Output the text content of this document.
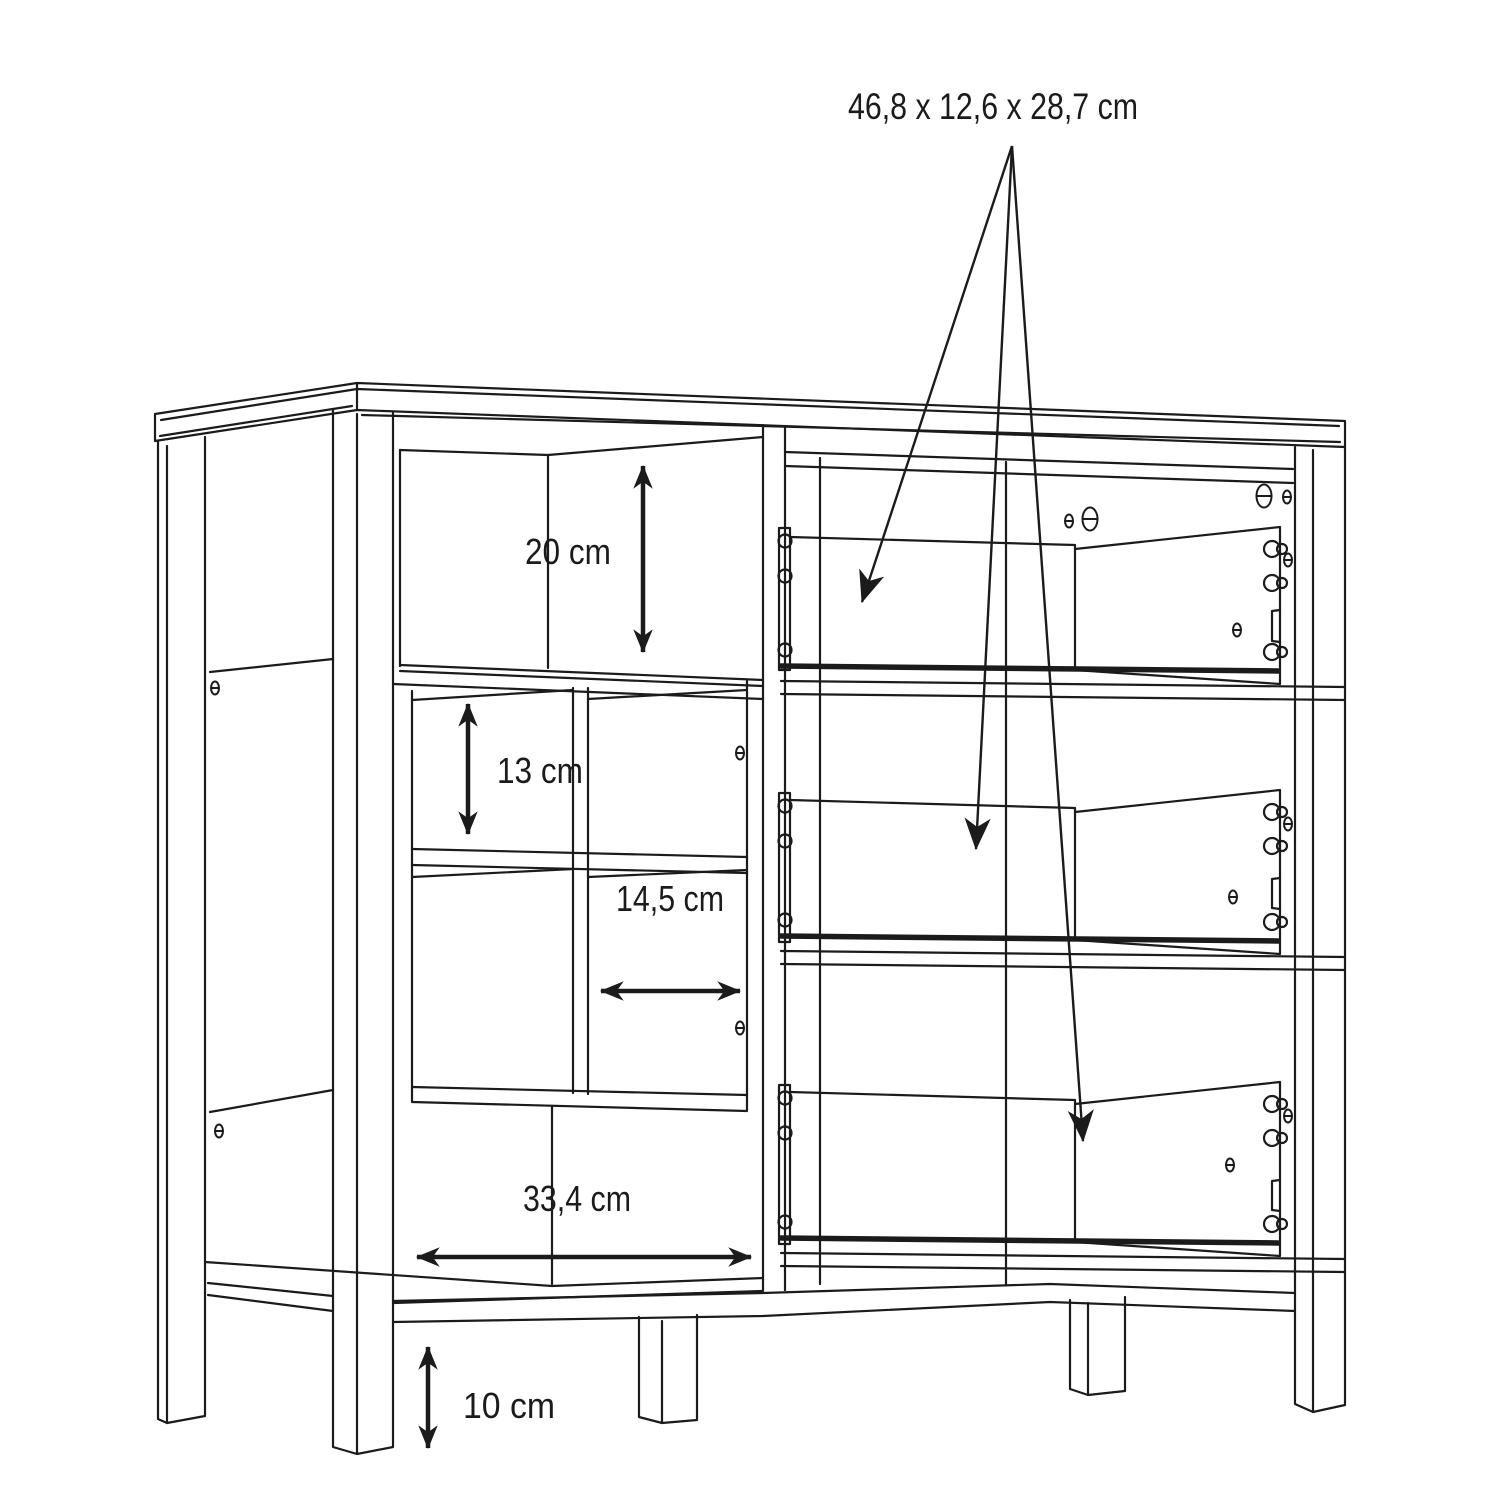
46,8 x 12,6 x 28,7 cm
20 cm
13 cm
14,5 cm
33,4 cm
10 cm
